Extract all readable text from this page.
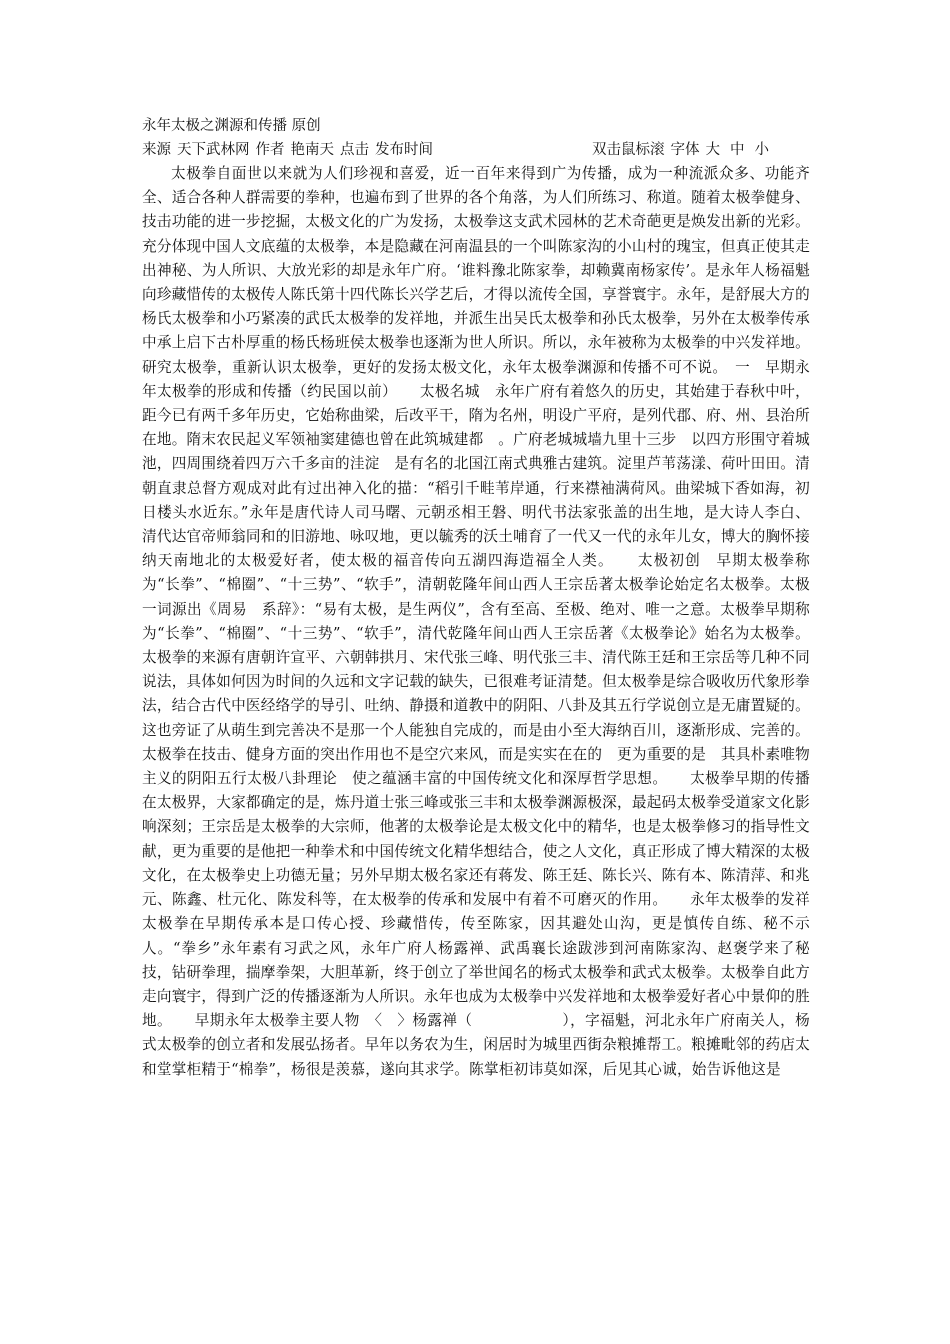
永年太极之渊源和传播 原创
来源 天下武林网 作者 艳南天 点击 发布时间	双击鼠标滚 字体 大 中 小

太极拳自面世以来就为人们珍视和喜爱，近一百年来得到广为传播，成为一种流派众多、功能齐全、适合各种人群需要的拳种，也遍布到了世界的各个角落，为人们所练习、称道。随着太极拳健身、技击功能的进一步挖掘，太极文化的广为发扬，太极拳这支武术园林的艺术奇葩更是焕发出新的光彩。充分体现中国人文底蕴的太极拳，本是隐藏在河南温县的一个叫陈家沟的小山村的瑰宝，但真正使其走出神秘、为人所识、大放光彩的却是永年广府。‘谁料豫北陈家拳，却赖冀南杨家传’。是永年人杨福魁向珍藏惜传的太极传人陈氏第十四代陈长兴学艺后，才得以流传全国，享誉寰宇。永年，是舒展大方的杨氏太极拳和小巧紧凑的武氏太极拳的发祥地，并派生出吴氏太极拳和孙氏太极拳，另外在太极拳传承中承上启下古朴厚重的杨氏杨班侯太极拳也逐渐为世人所识。所以，永年被称为太极拳的中兴发祥地。研究太极拳，重新认识太极拳，更好的发扬太极文化，永年太极拳渊源和传播不可不说。　一　早期永年太极拳的形成和传播（约民国以前）　　太极名城　永年广府有着悠久的历史，其始建于春秋中叶，距今已有两千多年历史，它始称曲梁，后改平干，隋为名州，明设广平府，是列代郡、府、州、县治所在地。隋末农民起义军领袖窦建德也曾在此筑城建都　。广府老城城墙九里十三步　以四方形围守着城池，四周围绕着四万六千多亩的洼淀　是有名的北国江南式典雅古建筑。淀里芦苇荡漾、荷叶田田。清朝直隶总督方观成对此有过出神入化的描：“稻引千畦苇岸通，行来襟袖满荷风。曲梁城下香如海，初日楼头水近东。”永年是唐代诗人司马曙、元朝丞相王磐、明代书法家张盖的出生地，是大诗人李白、清代达官帝师翁同和的旧游地、咏叹地，更以毓秀的沃土哺育了一代又一代的永年儿女，博大的胸怀接纳天南地北的太极爱好者，使太极的福音传向五湖四海造福全人类。　　太极初创　早期太极拳称为“长拳”、“棉圈”、“十三势”、“软手”，清朝乾隆年间山西人王宗岳著太极拳论始定名太极拳。太极一词源出《周易　系辞》：“易有太极，是生两仪”，含有至高、至极、绝对、唯一之意。太极拳早期称为“长拳”、“棉圈”、“十三势”、“软手”，清代乾隆年间山西人王宗岳著《太极拳论》始名为太极拳。太极拳的来源有唐朝许宣平、六朝韩拱月、宋代张三峰、明代张三丰、清代陈王廷和王宗岳等几种不同说法，具体如何因为时间的久远和文字记载的缺失，已很难考证清楚。但太极拳是综合吸收历代象形拳法，结合古代中医经络学的导引、吐纳、静摄和道教中的阴阳、八卦及其五行学说创立是无庸置疑的。这也旁证了从萌生到完善决不是那一个人能独自完成的，而是由小至大海纳百川，逐渐形成、完善的。太极拳在技击、健身方面的突出作用也不是空穴来风，而是实实在在的　更为重要的是　其具朴素唯物主义的阴阳五行太极八卦理论　使之蕴涵丰富的中国传统文化和深厚哲学思想。　　太极拳早期的传播　在太极界，大家都确定的是，炼丹道士张三峰或张三丰和太极拳渊源极深，最起码太极拳受道家文化影响深刻；王宗岳是太极拳的大宗师，他著的太极拳论是太极文化中的精华，也是太极拳修习的指导性文献，更为重要的是他把一种拳术和中国传统文化精华想结合，使之人文化，真正形成了博大精深的太极文化，在太极拳史上功德无量；另外早期太极名家还有蒋发、陈王廷、陈长兴、陈有本、陈清萍、和兆元、陈鑫、杜元化、陈发科等，在太极拳的传承和发展中有着不可磨灭的作用。　　永年太极拳的发祥　太极拳在早期传承本是口传心授、珍藏惜传，传至陈家，因其避处山沟，更是慎传自练、秘不示人。“拳乡”永年素有习武之风，永年广府人杨露禅、武禹襄长途跋涉到河南陈家沟、赵褒学来了秘技，钻研拳理，揣摩拳架，大胆革新，终于创立了举世闻名的杨式太极拳和武式太极拳。太极拳自此方走向寰宇，得到广泛的传播逐渐为人所识。永年也成为太极拳中兴发祥地和太极拳爱好者心中景仰的胜地。　　早期永年太极拳主要人物　〈　〉杨露禅（　　　　　　），字福魁，河北永年广府南关人，杨式太极拳的创立者和发展弘扬者。早年以务农为生，闲居时为城里西街杂粮摊帮工。粮摊毗邻的药店太和堂掌柜精于“棉拳”，杨很是羡慕，遂向其求学。陈掌柜初讳莫如深，后见其心诚，始告诉他这是
